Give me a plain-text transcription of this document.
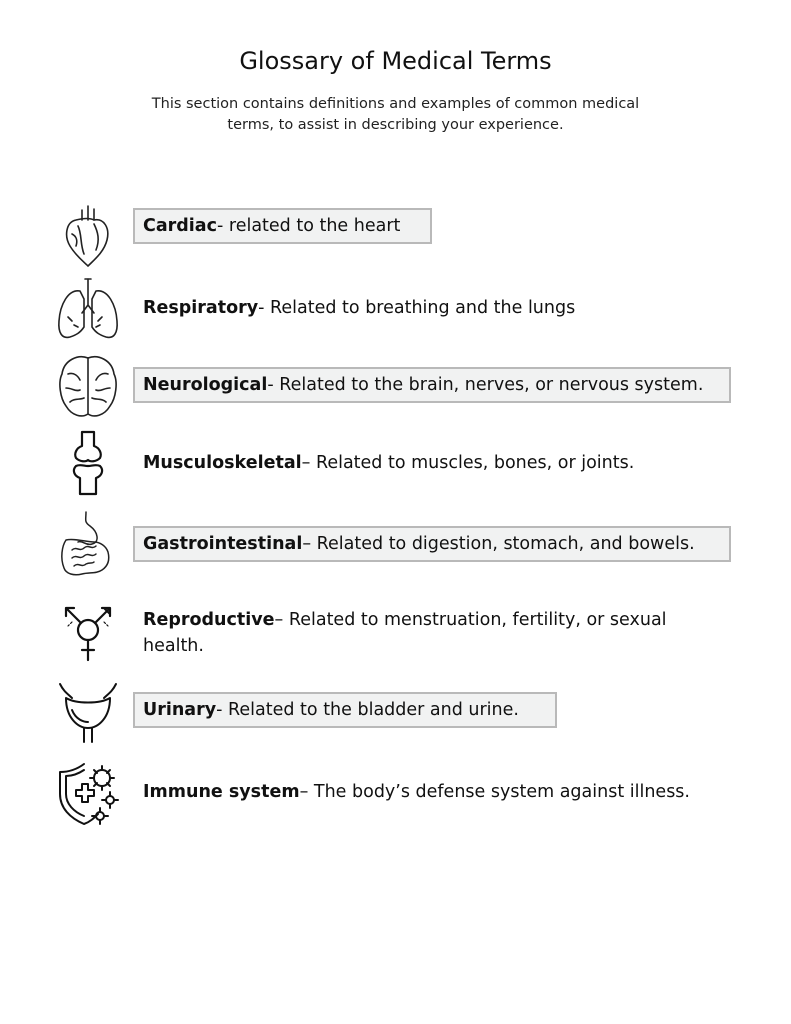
Glossary of Medical Terms

This section contains definitions and examples of common medical terms, to assist in describing your experience.

Cardiac- related to the heart
Respiratory- Related to breathing and the lungs
Neurological- Related to the brain, nerves, or nervous system.
Musculoskeletal– Related to muscles, bones, or joints.
Gastrointestinal– Related to digestion, stomach, and bowels.
Reproductive– Related to menstruation, fertility, or sexual health.
Urinary- Related to the bladder and urine.
Immune system– The body’s defense system against illness.
